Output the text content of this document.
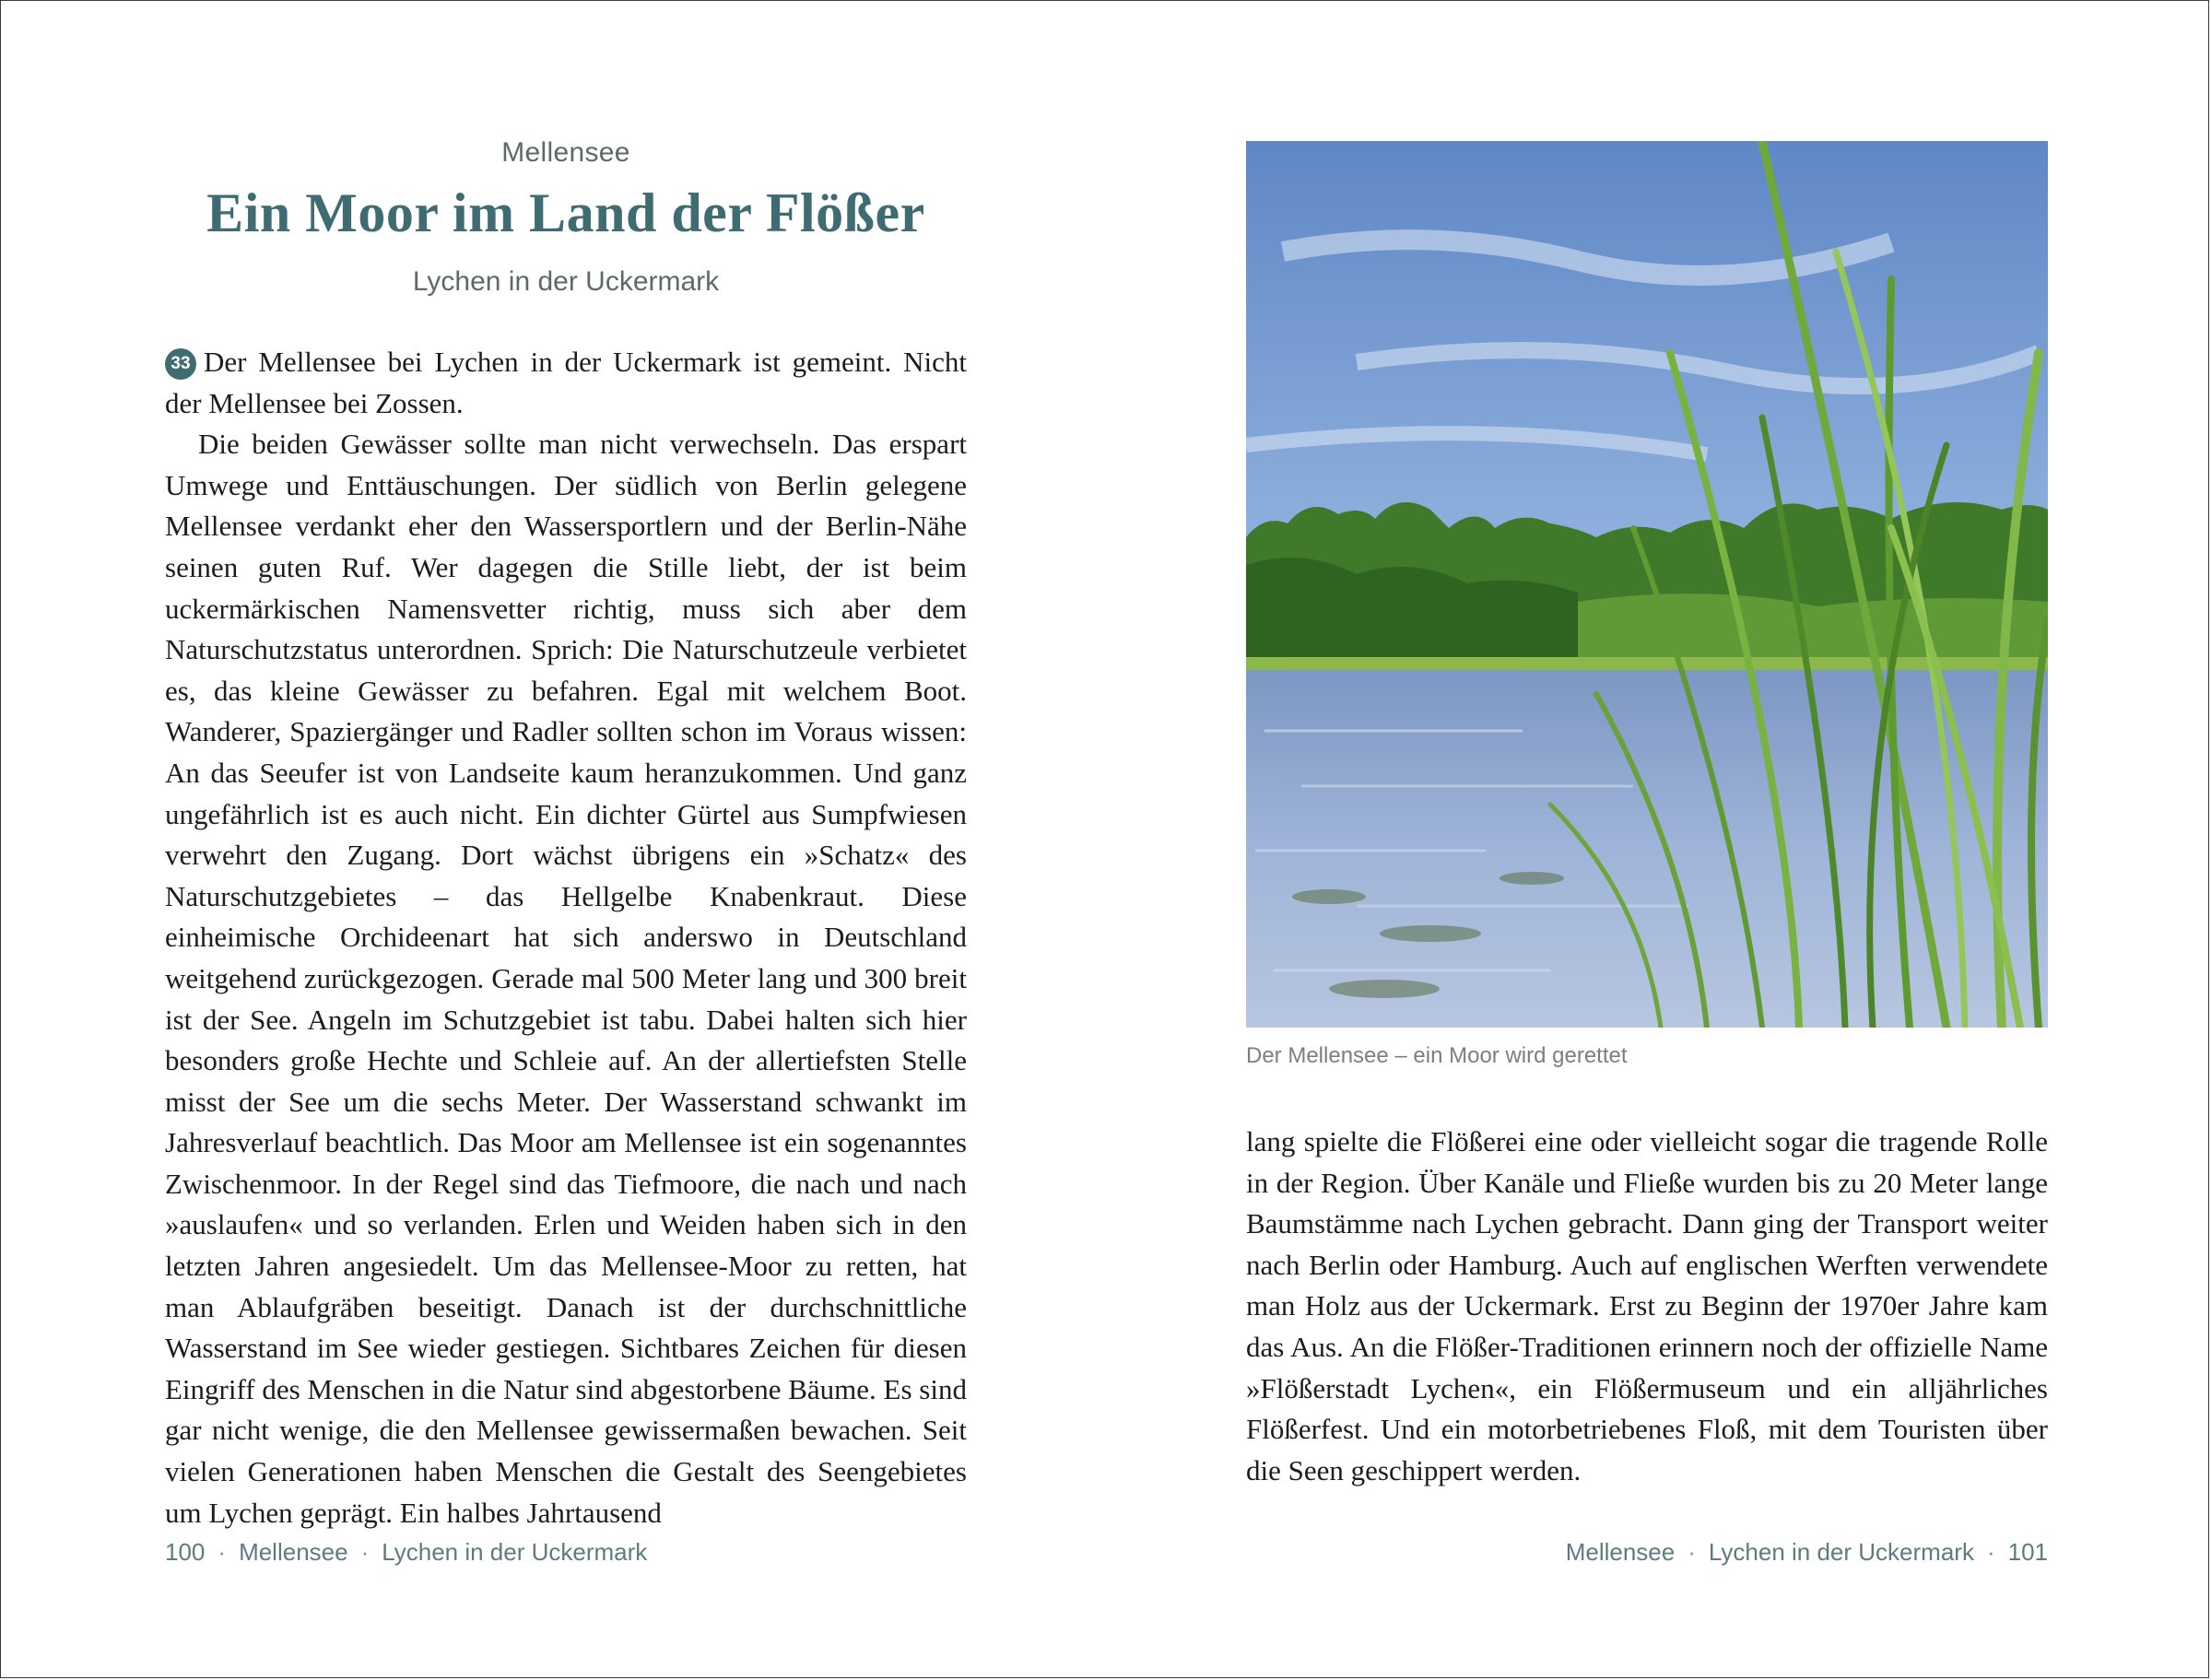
Mellensee
Ein Moor im Land der Flößer
Lychen in der Uckermark

33 Der Mellensee bei Lychen in der Uckermark ist gemeint. Nicht der Mellensee bei Zossen.

Die beiden Gewässer sollte man nicht verwechseln. Das erspart Umwege und Enttäuschungen. Der südlich von Berlin gelegene Mellensee verdankt eher den Wassersportlern und der Berlin-Nähe seinen guten Ruf. Wer dagegen die Stille liebt, der ist beim uckermärkischen Namensvetter richtig, muss sich aber dem Naturschutzstatus unterordnen. Sprich: Die Naturschutzeule verbietet es, das kleine Gewässer zu befahren. Egal mit welchem Boot. Wanderer, Spaziergänger und Radler sollten schon im Voraus wissen: An das Seeufer ist von Landseite kaum heranzukommen. Und ganz ungefährlich ist es auch nicht. Ein dichter Gürtel aus Sumpfwiesen verwehrt den Zugang. Dort wächst übrigens ein »Schatz« des Naturschutzgebietes – das Hellgelbe Knabenkraut. Diese einheimische Orchideenart hat sich anderswo in Deutschland weitgehend zurückgezogen. Gerade mal 500 Meter lang und 300 breit ist der See. Angeln im Schutzgebiet ist tabu. Dabei halten sich hier besonders große Hechte und Schleie auf. An der allertiefsten Stelle misst der See um die sechs Meter. Der Wasserstand schwankt im Jahresverlauf beachtlich. Das Moor am Mellensee ist ein sogenanntes Zwischenmoor. In der Regel sind das Tiefmoore, die nach und nach »auslaufen« und so verlanden. Erlen und Weiden haben sich in den letzten Jahren angesiedelt. Um das Mellensee-Moor zu retten, hat man Ablaufgräben beseitigt. Danach ist der durchschnittliche Wasserstand im See wieder gestiegen. Sichtbares Zeichen für diesen Eingriff des Menschen in die Natur sind abgestorbene Bäume. Es sind gar nicht wenige, die den Mellensee gewissermaßen bewachen. Seit vielen Generationen haben Menschen die Gestalt des Seengebietes um Lychen geprägt. Ein halbes Jahrtausend

100 · Mellensee · Lychen in der Uckermark
Der Mellensee – ein Moor wird gerettet

lang spielte die Flößerei eine oder vielleicht sogar die tragende Rolle in der Region. Über Kanäle und Fließe wurden bis zu 20 Meter lange Baumstämme nach Lychen gebracht. Dann ging der Transport weiter nach Berlin oder Hamburg. Auch auf englischen Werften verwendete man Holz aus der Uckermark. Erst zu Beginn der 1970er Jahre kam das Aus. An die Flößer-Traditionen erinnern noch der offizielle Name »Flößerstadt Lychen«, ein Flößermuseum und ein alljährliches Flößerfest. Und ein motorbetriebenes Floß, mit dem Touristen über die Seen geschippert werden.

Mellensee · Lychen in der Uckermark · 101
